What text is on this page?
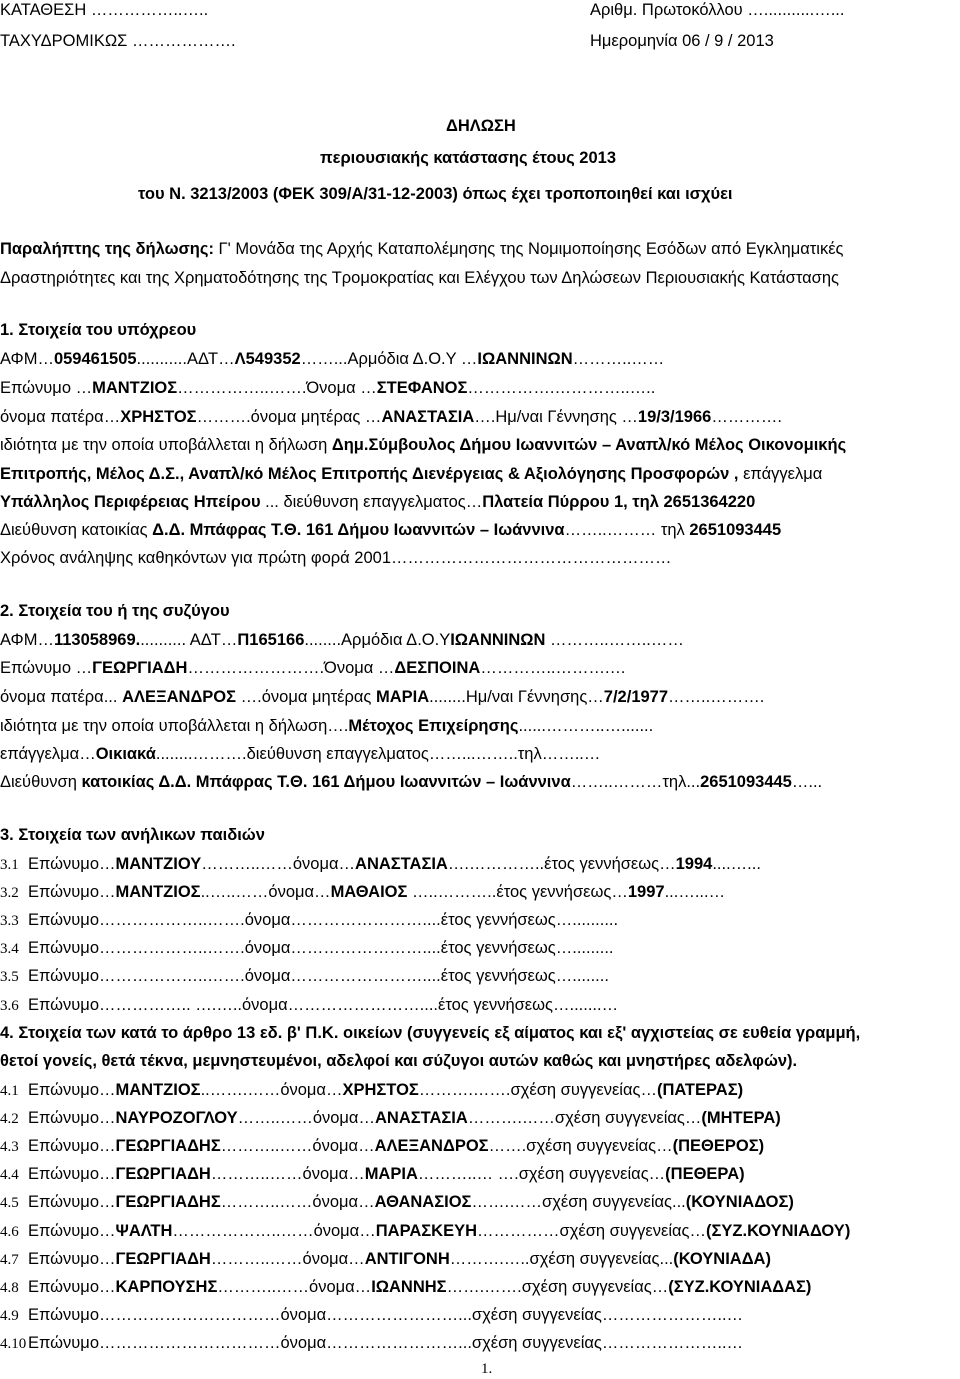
ΚΑΤΑΘΕΣΗ ……………..…..	Αριθμ. Πρωτοκόλλου …...........…...
ΤΑΧΥΔΡΟΜΙΚΩΣ ……………….	Ημερομηνία 06 / 9 / 2013
ΔΗΛΩΣΗ
περιουσιακής κατάστασης έτους 2013
του Ν. 3213/2003 (ΦΕΚ 309/Α/31-12-2003) όπως έχει τροποποιηθεί και ισχύει
Παραλήπτης της δήλωσης: Γ' Μονάδα της Αρχής Καταπολέμησης της Νομιμοποίησης Εσόδων από Εγκληματικές
Δραστηριότητες και της Χρηματοδότησης της Τρομοκρατίας και Ελέγχου των Δηλώσεων Περιουσιακής Κατάστασης
1. Στοιχεία του υπόχρεου
ΑΦΜ…059461505...........ΑΔΤ…Λ549352……...Αρμόδια Δ.Ο.Υ …ΙΩΑΝΝΙΝΩΝ………..……
Επώνυμο …ΜΑΝΤΖΙΟΣ……………..…….Όνομα …ΣΤΕΦΑΝΟΣ…………….…………..…..
όνομα πατέρα…ΧΡΗΣΤΟΣ……….όνομα μητέρας …ΑΝΑΣΤΑΣΙΑ….Ημ/ναι Γέννησης …19/3/1966………….
ιδιότητα με την οποία υποβάλλεται η δήλωση Δημ.Σύμβουλος Δήμου Ιωαννιτών – Αναπλ/κό Μέλος Οικονομικής
Επιτροπής, Μέλος Δ.Σ., Αναπλ/κό Μέλος Επιτροπής Διενέργειας & Αξιολόγησης Προσφορών , επάγγελμα
Υπάλληλος Περιφέρειας Ηπείρου ... διεύθυνση επαγγελματος…Πλατεία Πύρρου 1, τηλ 2651364220
Διεύθυνση κατοικίας Δ.Δ. Μπάφρας Τ.Θ. 161 Δήμου Ιωαννιτών – Ιωάννινα……..……… τηλ 2651093445
Χρόνος ανάληψης καθηκόντων για πρώτη φορά 2001……………………………………………
2. Στοιχεία του ή της συζύγου
ΑΦΜ…113058969........... ΑΔΤ…Π165166........Αρμόδια Δ.Ο.ΥΙΩΑΝΝΙΝΩΝ ………..……..……
Επώνυμο …ΓΕΩΡΓΙΑΔΗ…………………….Όνομα …ΔΕΣΠΟΙΝΑ…………..……….…
όνομα πατέρα... ΑΛΕΞΑΝΔΡΟΣ ….όνομα μητέρας ΜΑΡΙΑ........Ημ/ναι Γέννησης…7/2/1977……..……….
ιδιότητα με την οποία υποβάλλεται η δήλωση….Μέτοχος Επιχείρησης......………..….......
επάγγελμα…Οικιακά........……….διεύθυνση επαγγελματος……...……..τηλ……..…
Διεύθυνση κατοικίας Δ.Δ. Μπάφρας Τ.Θ. 161 Δήμου Ιωαννιτών – Ιωάννινα……..………τηλ...2651093445…...
3. Στοιχεία των ανήλικων παιδιών
3.1 Επώνυμο…ΜΑΝΤΖΙΟΥ………..……όνομα…ΑΝΑΣΤΑΣΙΑ….…………..έτος γεννήσεως…1994....…...
3.2 Επώνυμο…ΜΑΝΤΖΙΟΣ..…..……όνομα…ΜΑΘΑΙΟΣ …..………..έτος γεννήσεως…1997...…...…
3.3 Επώνυμο………………..…….όνομα……………………....έτος γεννήσεως…..........
3.4 Επώνυμο………………..…….όνομα……………………....έτος γεννήσεως….........
3.5 Επώνυμο………………..…….όνομα……………………....έτος γεννήσεως…........
3.6 Επώνυμο…………….. ….…..όνομα……………………....έτος γεννήσεως….......…
4. Στοιχεία των κατά το άρθρο 13 εδ. β' Π.Κ. οικείων (συγγενείς εξ αίματος και εξ' αγχιστείας σε ευθεία γραμμή,
θετοί γονείς, θετά τέκνα, μεμνηστευμένοι, αδελφοί και σύζυγοι αυτών καθώς και μνηστήρες αδελφών).
4.1 Επώνυμο…ΜΑΝΤΖΙΟΣ..…….……όνομα…ΧΡΗΣΤΟΣ……….…….σχέση συγγενείας…(ΠΑΤΕΡΑΣ)
4.2 Επώνυμο…ΝΑΥΡΟΖΟΓΛΟΥ……..……όνομα…ΑΝΑΣΤΑΣΙΑ……….……σχέση συγγενείας…(ΜΗΤΕΡΑ)
4.3 Επώνυμο…ΓΕΩΡΓΙΑΔΗΣ………..……όνομα…ΑΛΕΞΑΝΔΡΟΣ…….σχέση συγγενείας…(ΠΕΘΕΡΟΣ)
4.4 Επώνυμο…ΓΕΩΡΓΙΑΔΗ………..……όνομα…ΜΑΡΙΑ………..… ….σχέση συγγενείας…(ΠΕΘΕΡΑ)
4.5 Επώνυμο…ΓΕΩΡΓΙΑΔΗΣ………..……όνομα…ΑΘΑΝΑΣΙΟΣ…….……σχέση συγγενείας...(ΚΟΥΝΙΑΔΟΣ)
4.6 Επώνυμο…ΨΑΛΤΗ………………..……όνομα…ΠΑΡΑΣΚΕΥΗ……………σχέση συγγενείας…(ΣΥΖ.ΚΟΥΝΙΑΔΟΥ)
4.7 Επώνυμο…ΓΕΩΡΓΙΑΔΗ………..……όνομα…ΑΝΤΙΓΟΝΗ……….…..σχέση συγγενείας...(ΚΟΥΝΙΑΔΑ)
4.8 Επώνυμο…ΚΑΡΠΟΥΣΗΣ………..……όνομα…ΙΩΑΝΝΗΣ…….…….σχέση συγγενείας…(ΣΥΖ.ΚΟΥΝΙΑΔΑΣ)
4.9 Επώνυμο……………………………όνομα……………………...σχέση συγγενείας…………………..…
4.10 Επώνυμο……………………………όνομα……………………...σχέση συγγενείας…………………..…
1.
